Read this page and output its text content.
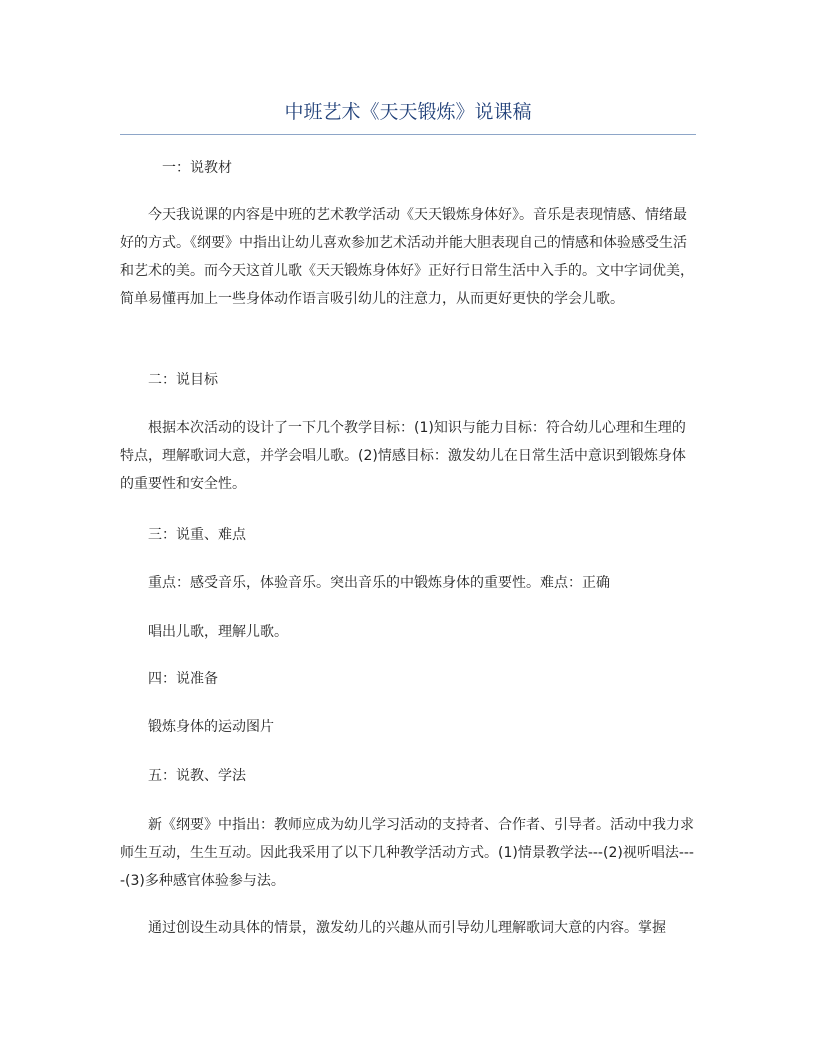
中班艺术《天天锻炼》说课稿
一：说教材

今天我说课的内容是中班的艺术教学活动《天天锻炼身体好》。音乐是表现情感、情绪最好的方式。《纲要》中指出让幼儿喜欢参加艺术活动并能大胆表现自己的情感和体验感受生活和艺术的美。而今天这首儿歌《天天锻炼身体好》正好行日常生活中入手的。文中字词优美，简单易懂再加上一些身体动作语言吸引幼儿的注意力，从而更好更快的学会儿歌。

二：说目标

根据本次活动的设计了一下几个教学目标：(1)知识与能力目标：符合幼儿心理和生理的特点，理解歌词大意，并学会唱儿歌。(2)情感目标：激发幼儿在日常生活中意识到锻炼身体的重要性和安全性。

三：说重、难点

重点：感受音乐，体验音乐。突出音乐的中锻炼身体的重要性。难点：正确

唱出儿歌，理解儿歌。

四：说准备

锻炼身体的运动图片

五：说教、学法

新《纲要》中指出：教师应成为幼儿学习活动的支持者、合作者、引导者。活动中我力求师生互动，生生互动。因此我采用了以下几种教学活动方式。(1)情景教学法---(2)视听唱法----(3)多种感官体验参与法。

通过创设生动具体的情景，激发幼儿的兴趣从而引导幼儿理解歌词大意的内容。掌握
